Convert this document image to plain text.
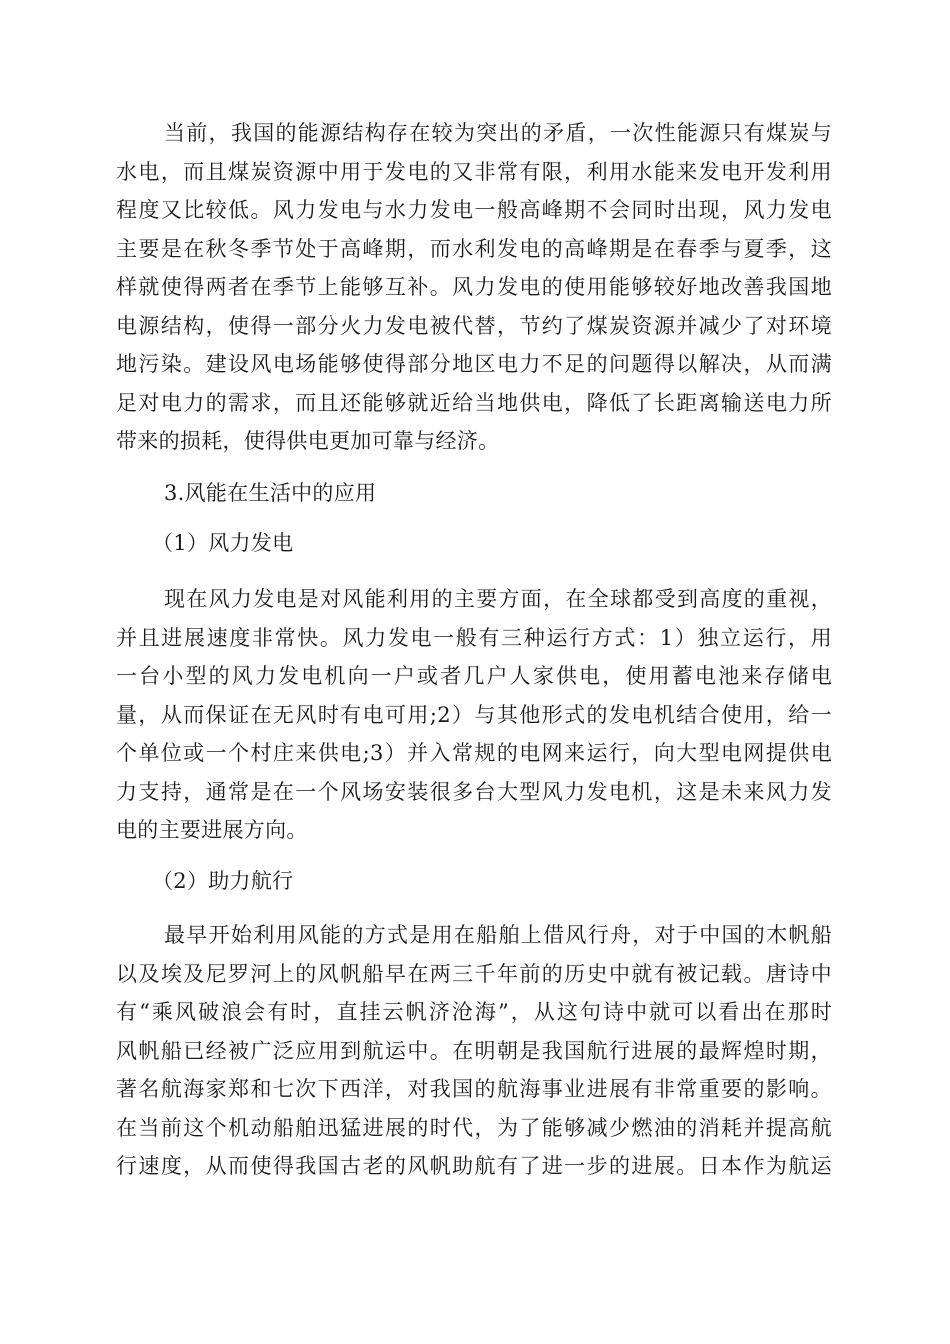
当前，我国的能源结构存在较为突出的矛盾，一次性能源只有煤炭与
水电，而且煤炭资源中用于发电的又非常有限，利用水能来发电开发利用
程度又比较低。风力发电与水力发电一般高峰期不会同时出现，风力发电
主要是在秋冬季节处于高峰期，而水利发电的高峰期是在春季与夏季，这
样就使得两者在季节上能够互补。风力发电的使用能够较好地改善我国地
电源结构，使得一部分火力发电被代替，节约了煤炭资源并减少了对环境
地污染。建设风电场能够使得部分地区电力不足的问题得以解决，从而满
足对电力的需求，而且还能够就近给当地供电，降低了长距离输送电力所
带来的损耗，使得供电更加可靠与经济。
3.风能在生活中的应用
（1）风力发电
现在风力发电是对风能利用的主要方面，在全球都受到高度的重视，
并且进展速度非常快。风力发电一般有三种运行方式：1）独立运行，用
一台小型的风力发电机向一户或者几户人家供电，使用蓄电池来存储电
量，从而保证在无风时有电可用;2）与其他形式的发电机结合使用，给一
个单位或一个村庄来供电;3）并入常规的电网来运行，向大型电网提供电
力支持，通常是在一个风场安装很多台大型风力发电机，这是未来风力发
电的主要进展方向。
（2）助力航行
最早开始利用风能的方式是用在船舶上借风行舟，对于中国的木帆船
以及埃及尼罗河上的风帆船早在两三千年前的历史中就有被记载。唐诗中
有“乘风破浪会有时，直挂云帆济沧海”，从这句诗中就可以看出在那时
风帆船已经被广泛应用到航运中。在明朝是我国航行进展的最辉煌时期，
著名航海家郑和七次下西洋，对我国的航海事业进展有非常重要的影响。
在当前这个机动船舶迅猛进展的时代，为了能够减少燃油的消耗并提高航
行速度，从而使得我国古老的风帆助航有了进一步的进展。日本作为航运
